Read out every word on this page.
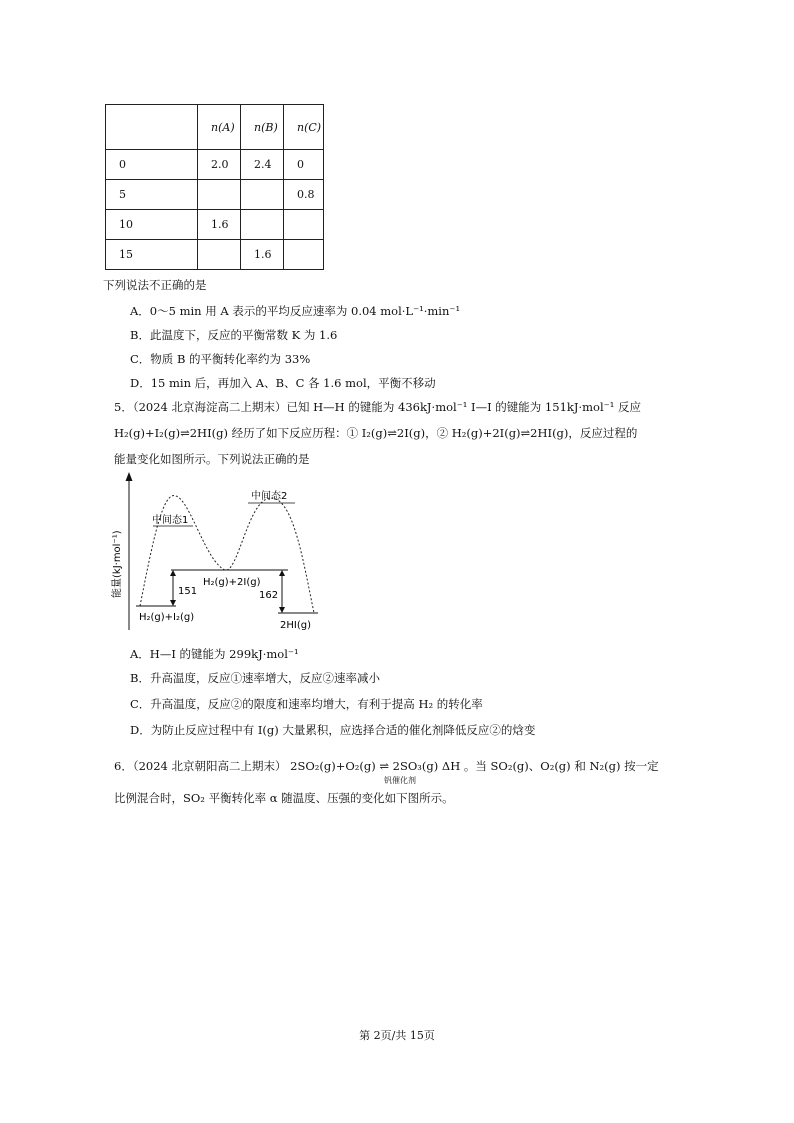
	n(A)	n(B)	n(C)
0	2.0	2.4	0
5			0.8
10	1.6		
15		1.6	
下列说法不正确的是
A．0～5 min 用 A 表示的平均反应速率为 0.04 mol·L⁻¹·min⁻¹
B．此温度下，反应的平衡常数 K 为 1.6
C．物质 B 的平衡转化率约为 33%
D．15 min 后，再加入 A、B、C 各 1.6 mol，平衡不移动
5．（2024 北京海淀高二上期末）已知 H—H 的键能为 436kJ·mol⁻¹ I—I 的键能为 151kJ·mol⁻¹ 反应
H₂(g)+I₂(g)⇌2HI(g) 经历了如下反应历程：① I₂(g)⇌2I(g)，② H₂(g)+2I(g)⇌2HI(g)，反应过程的
能量变化如图所示。下列说法正确的是
能量(kJ·mol⁻¹)
中间态1
中间态2
H₂(g)+2I(g)
H₂(g)+I₂(g)
2HI(g)
151	162
A．H—I 的键能为 299kJ·mol⁻¹
B．升高温度，反应①速率增大，反应②速率减小
C．升高温度，反应②的限度和速率均增大，有利于提高 H₂ 的转化率
D．为防止反应过程中有 I(g) 大量累积，应选择合适的催化剂降低反应②的焓变
6．（2024 北京朝阳高二上期末） 2SO₂(g)+O₂(g) ⇌ 2SO₃(g) ΔH 。当 SO₂(g)、O₂(g) 和 N₂(g) 按一定
钒催化剂
比例混合时，SO₂ 平衡转化率 α 随温度、压强的变化如下图所示。
第 2页/共 15页
